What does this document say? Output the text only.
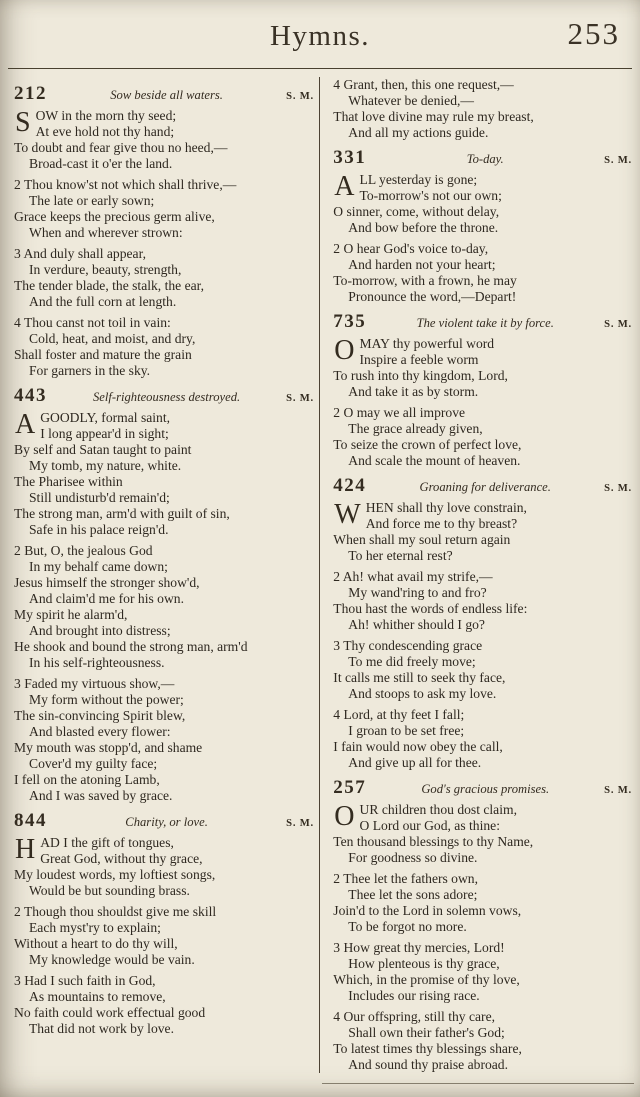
Hymns.	253
212	Sow beside all waters.	S. M.
S OW in the morn thy seed;
At eve hold not thy hand;
To doubt and fear give thou no heed,—
Broad-cast it o'er the land.
2 Thou know'st not which shall thrive,—
The late or early sown;
Grace keeps the precious germ alive,
When and wherever strown:
3 And duly shall appear,
In verdure, beauty, strength,
The tender blade, the stalk, the ear,
And the full corn at length.
4 Thou canst not toil in vain:
Cold, heat, and moist, and dry,
Shall foster and mature the grain
For garners in the sky.
443	Self-righteousness destroyed.	S. M.
A GOODLY, formal saint,
I long appear'd in sight;
By self and Satan taught to paint
My tomb, my nature, white.
The Pharisee within
Still undisturb'd remain'd;
The strong man, arm'd with guilt of sin,
Safe in his palace reign'd.
2 But, O, the jealous God
In my behalf came down;
Jesus himself the stronger show'd,
And claim'd me for his own.
My spirit he alarm'd,
And brought into distress;
He shook and bound the strong man, arm'd
In his self-righteousness.
3 Faded my virtuous show,—
My form without the power;
The sin-convincing Spirit blew,
And blasted every flower:
My mouth was stopp'd, and shame
Cover'd my guilty face;
I fell on the atoning Lamb,
And I was saved by grace.
844	Charity, or love.	S. M.
H AD I the gift of tongues,
Great God, without thy grace,
My loudest words, my loftiest songs,
Would be but sounding brass.
2 Though thou shouldst give me skill
Each myst'ry to explain;
Without a heart to do thy will,
My knowledge would be vain.
3 Had I such faith in God,
As mountains to remove,
No faith could work effectual good
That did not work by love.
4 Grant, then, this one request,—
Whatever be denied,—
That love divine may rule my breast,
And all my actions guide.
331	To-day.	S. M.
A LL yesterday is gone;
To-morrow's not our own;
O sinner, come, without delay,
And bow before the throne.
2 O hear God's voice to-day,
And harden not your heart;
To-morrow, with a frown, he may
Pronounce the word,—Depart!
735	The violent take it by force.	S. M.
O MAY thy powerful word
Inspire a feeble worm
To rush into thy kingdom, Lord,
And take it as by storm.
2 O may we all improve
The grace already given,
To seize the crown of perfect love,
And scale the mount of heaven.
424	Groaning for deliverance.	S. M.
W HEN shall thy love constrain,
And force me to thy breast?
When shall my soul return again
To her eternal rest?
2 Ah! what avail my strife,—
My wand'ring to and fro?
Thou hast the words of endless life:
Ah! whither should I go?
3 Thy condescending grace
To me did freely move;
It calls me still to seek thy face,
And stoops to ask my love.
4 Lord, at thy feet I fall;
I groan to be set free;
I fain would now obey the call,
And give up all for thee.
257	God's gracious promises.	S. M.
O UR children thou dost claim,
O Lord our God, as thine:
Ten thousand blessings to thy Name,
For goodness so divine.
2 Thee let the fathers own,
Thee let the sons adore;
Join'd to the Lord in solemn vows,
To be forgot no more.
3 How great thy mercies, Lord!
How plenteous is thy grace,
Which, in the promise of thy love,
Includes our rising race.
4 Our offspring, still thy care,
Shall own their father's God;
To latest times thy blessings share,
And sound thy praise abroad.
